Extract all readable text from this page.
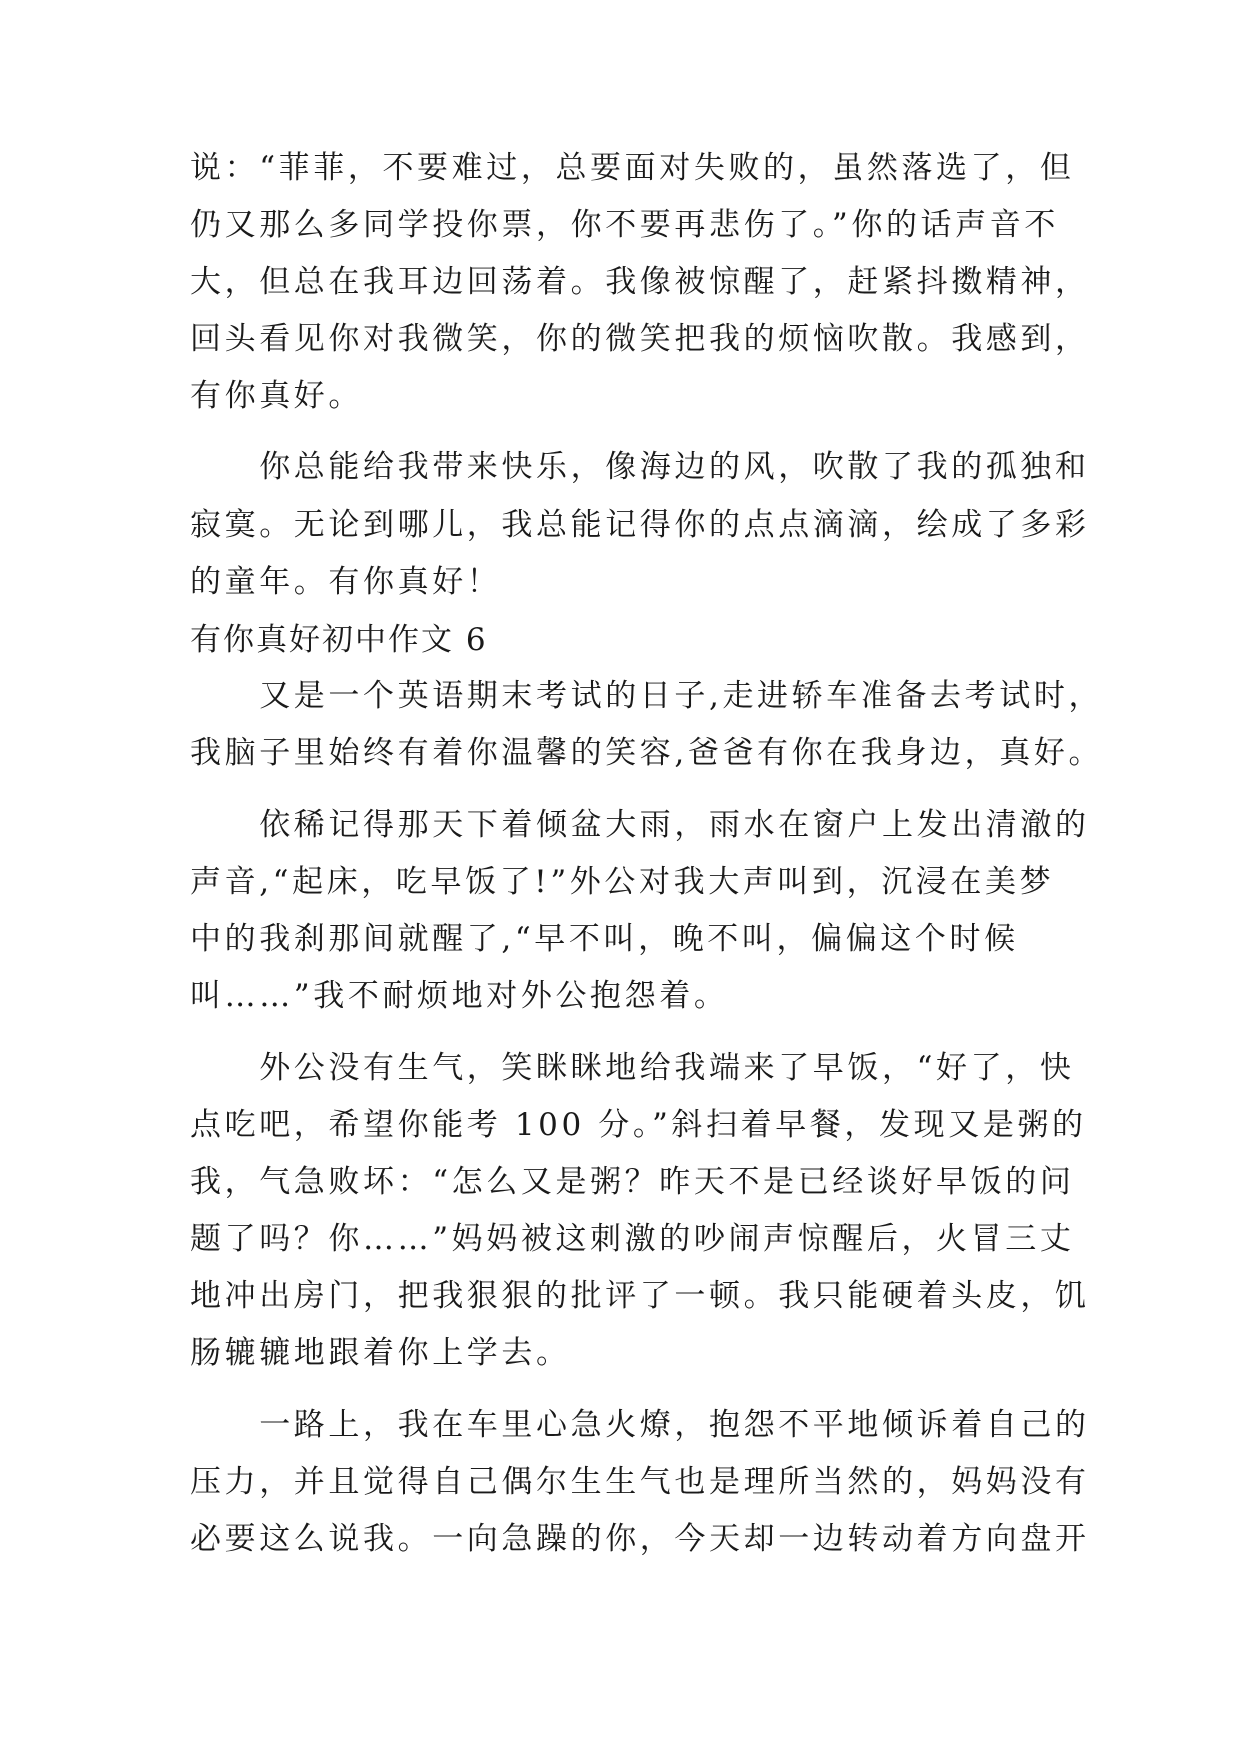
说：“菲菲，不要难过，总要面对失败的，虽然落选了，但
仍又那么多同学投你票，你不要再悲伤了。”你的话声音不
大，但总在我耳边回荡着。我像被惊醒了，赶紧抖擞精神，
回头看见你对我微笑，你的微笑把我的烦恼吹散。我感到，
有你真好。
　　你总能给我带来快乐，像海边的风，吹散了我的孤独和
寂寞。无论到哪儿，我总能记得你的点点滴滴，绘成了多彩
的童年。有你真好！
有你真好初中作文 6
　　又是一个英语期末考试的日子,走进轿车准备去考试时，
我脑子里始终有着你温馨的笑容,爸爸有你在我身边，真好。
　　依稀记得那天下着倾盆大雨，雨水在窗户上发出清澈的
声音,“起床，吃早饭了!”外公对我大声叫到，沉浸在美梦
中的我刹那间就醒了,“早不叫，晚不叫，偏偏这个时候
叫……”我不耐烦地对外公抱怨着。
　　外公没有生气，笑眯眯地给我端来了早饭，“好了，快
点吃吧，希望你能考 100 分。”斜扫着早餐，发现又是粥的
我，气急败坏：“怎么又是粥？昨天不是已经谈好早饭的问
题了吗？你……”妈妈被这刺激的吵闹声惊醒后，火冒三丈
地冲出房门，把我狠狠的批评了一顿。我只能硬着头皮，饥
肠辘辘地跟着你上学去。
　　一路上，我在车里心急火燎，抱怨不平地倾诉着自己的
压力，并且觉得自己偶尔生生气也是理所当然的，妈妈没有
必要这么说我。一向急躁的你，今天却一边转动着方向盘开
